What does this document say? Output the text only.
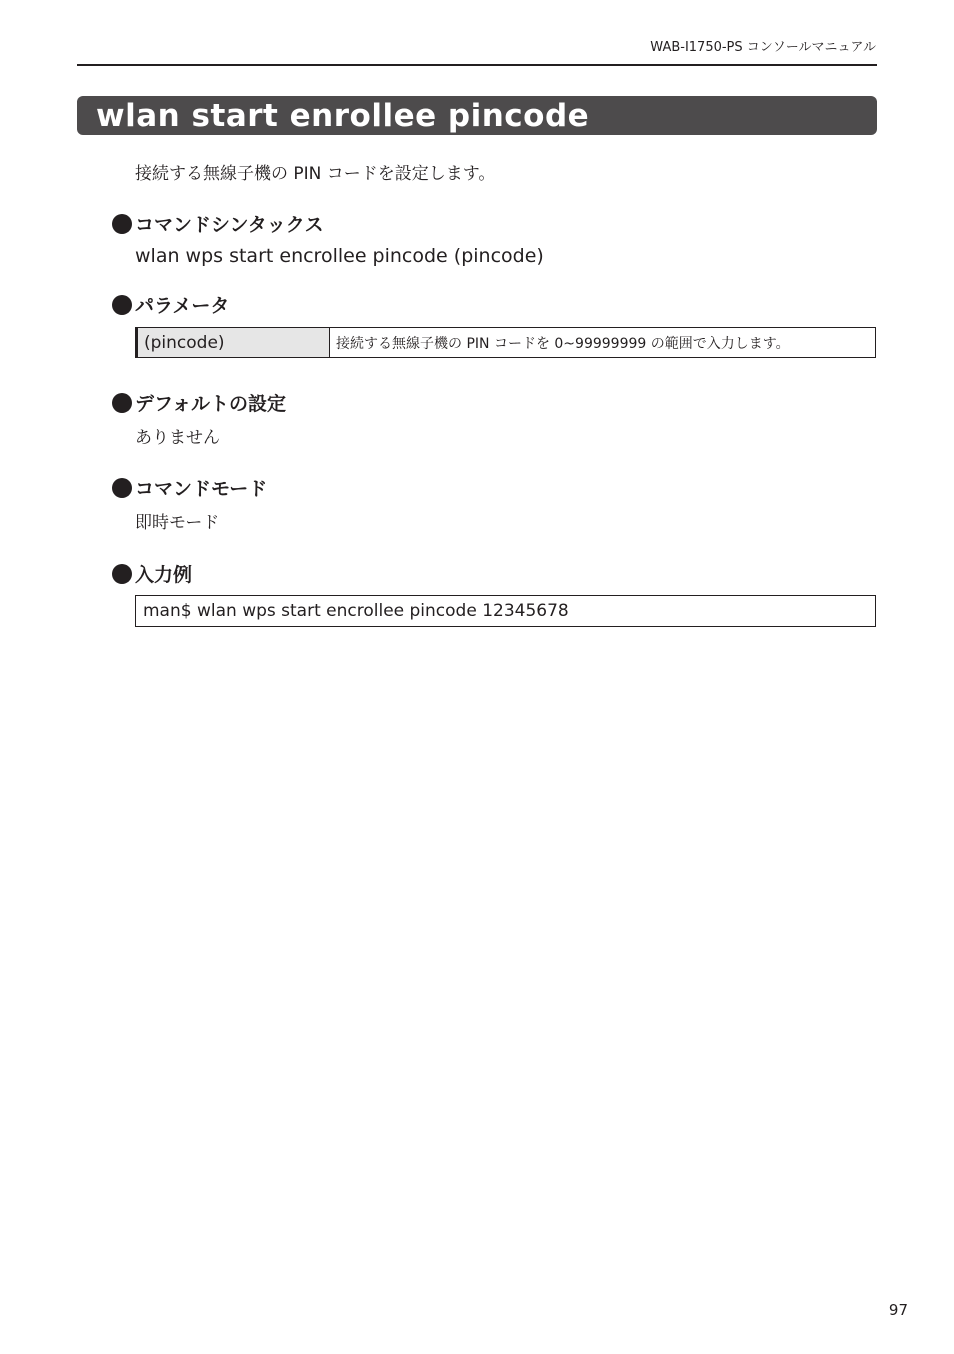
WAB-I1750-PS コンソールマニュアル
wlan start enrollee pincode
接続する無線子機の PIN コードを設定します。
コマンドシンタックス
wlan wps start encrollee pincode (pincode)
パラメータ
(pincode)	接続する無線子機の PIN コードを 0~99999999 の範囲で入力します。
デフォルトの設定
ありません
コマンドモード
即時モード
入力例
man$ wlan wps start encrollee pincode 12345678
97
